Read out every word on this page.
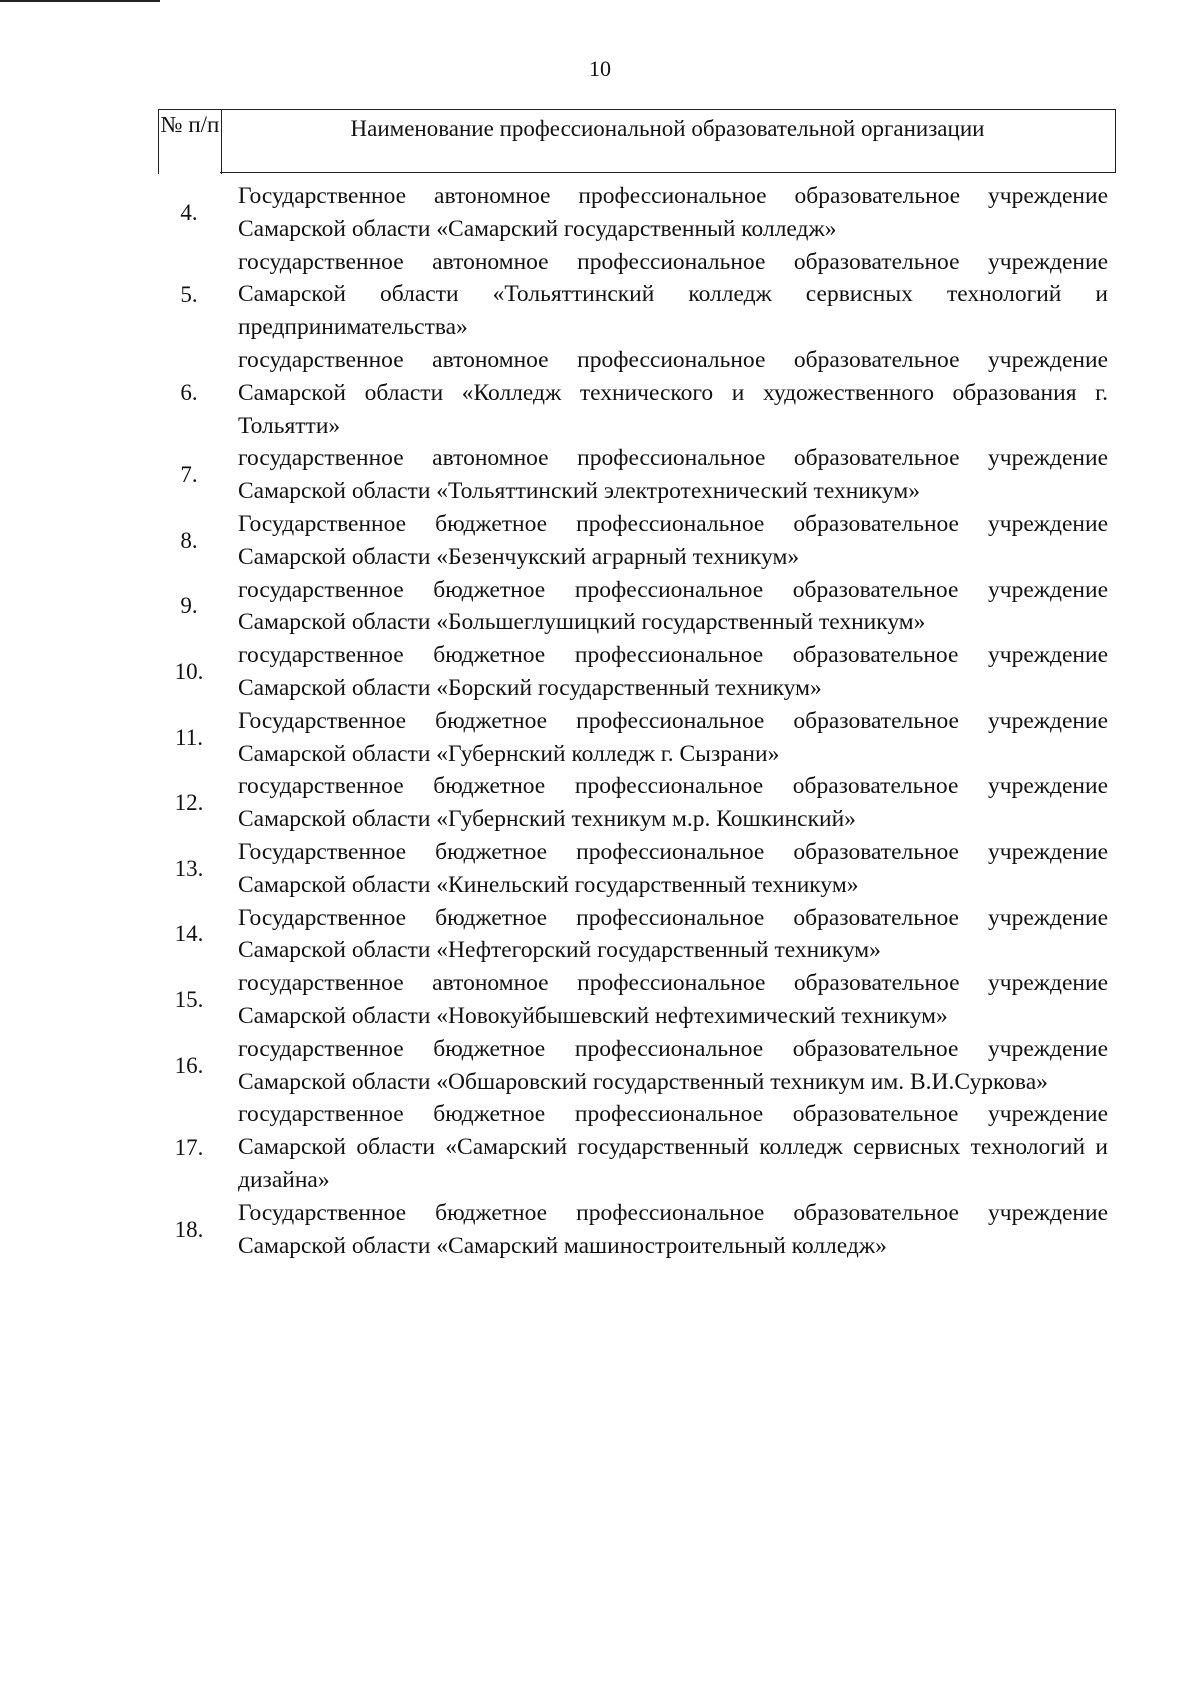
10
№ п/п	Наименование профессиональной образовательной организации
4.
Государственное автономное профессиональное образовательное учреждение Самарской области «Самарский государственный колледж»
5.
государственное автономное профессиональное образовательное учреждение Самарской области «Тольяттинский колледж сервисных технологий и предпринимательства»
6.
государственное автономное профессиональное образовательное учреждение Самарской области «Колледж технического и художественного образования г. Тольятти»
7.
государственное автономное профессиональное образовательное учреждение Самарской области «Тольяттинский электротехнический техникум»
8.
Государственное бюджетное профессиональное образовательное учреждение Самарской области «Безенчукский аграрный техникум»
9.
государственное бюджетное профессиональное образовательное учреждение Самарской области «Большеглушицкий государственный техникум»
10.
государственное бюджетное профессиональное образовательное учреждение Самарской области «Борский государственный техникум»
11.
Государственное бюджетное профессиональное образовательное учреждение Самарской области «Губернский колледж г. Сызрани»
12.
государственное бюджетное профессиональное образовательное учреждение Самарской области «Губернский техникум м.р. Кошкинский»
13.
Государственное бюджетное профессиональное образовательное учреждение Самарской области «Кинельский государственный техникум»
14.
Государственное бюджетное профессиональное образовательное учреждение Самарской области «Нефтегорский государственный техникум»
15.
государственное автономное профессиональное образовательное учреждение Самарской области «Новокуйбышевский нефтехимический техникум»
16.
государственное бюджетное профессиональное образовательное учреждение Самарской области «Обшаровский государственный техникум им. В.И.Суркова»
17.
государственное бюджетное профессиональное образовательное учреждение Самарской области «Самарский государственный колледж сервисных технологий и дизайна»
18.
Государственное бюджетное профессиональное образовательное учреждение Самарской области «Самарский машиностроительный колледж»
